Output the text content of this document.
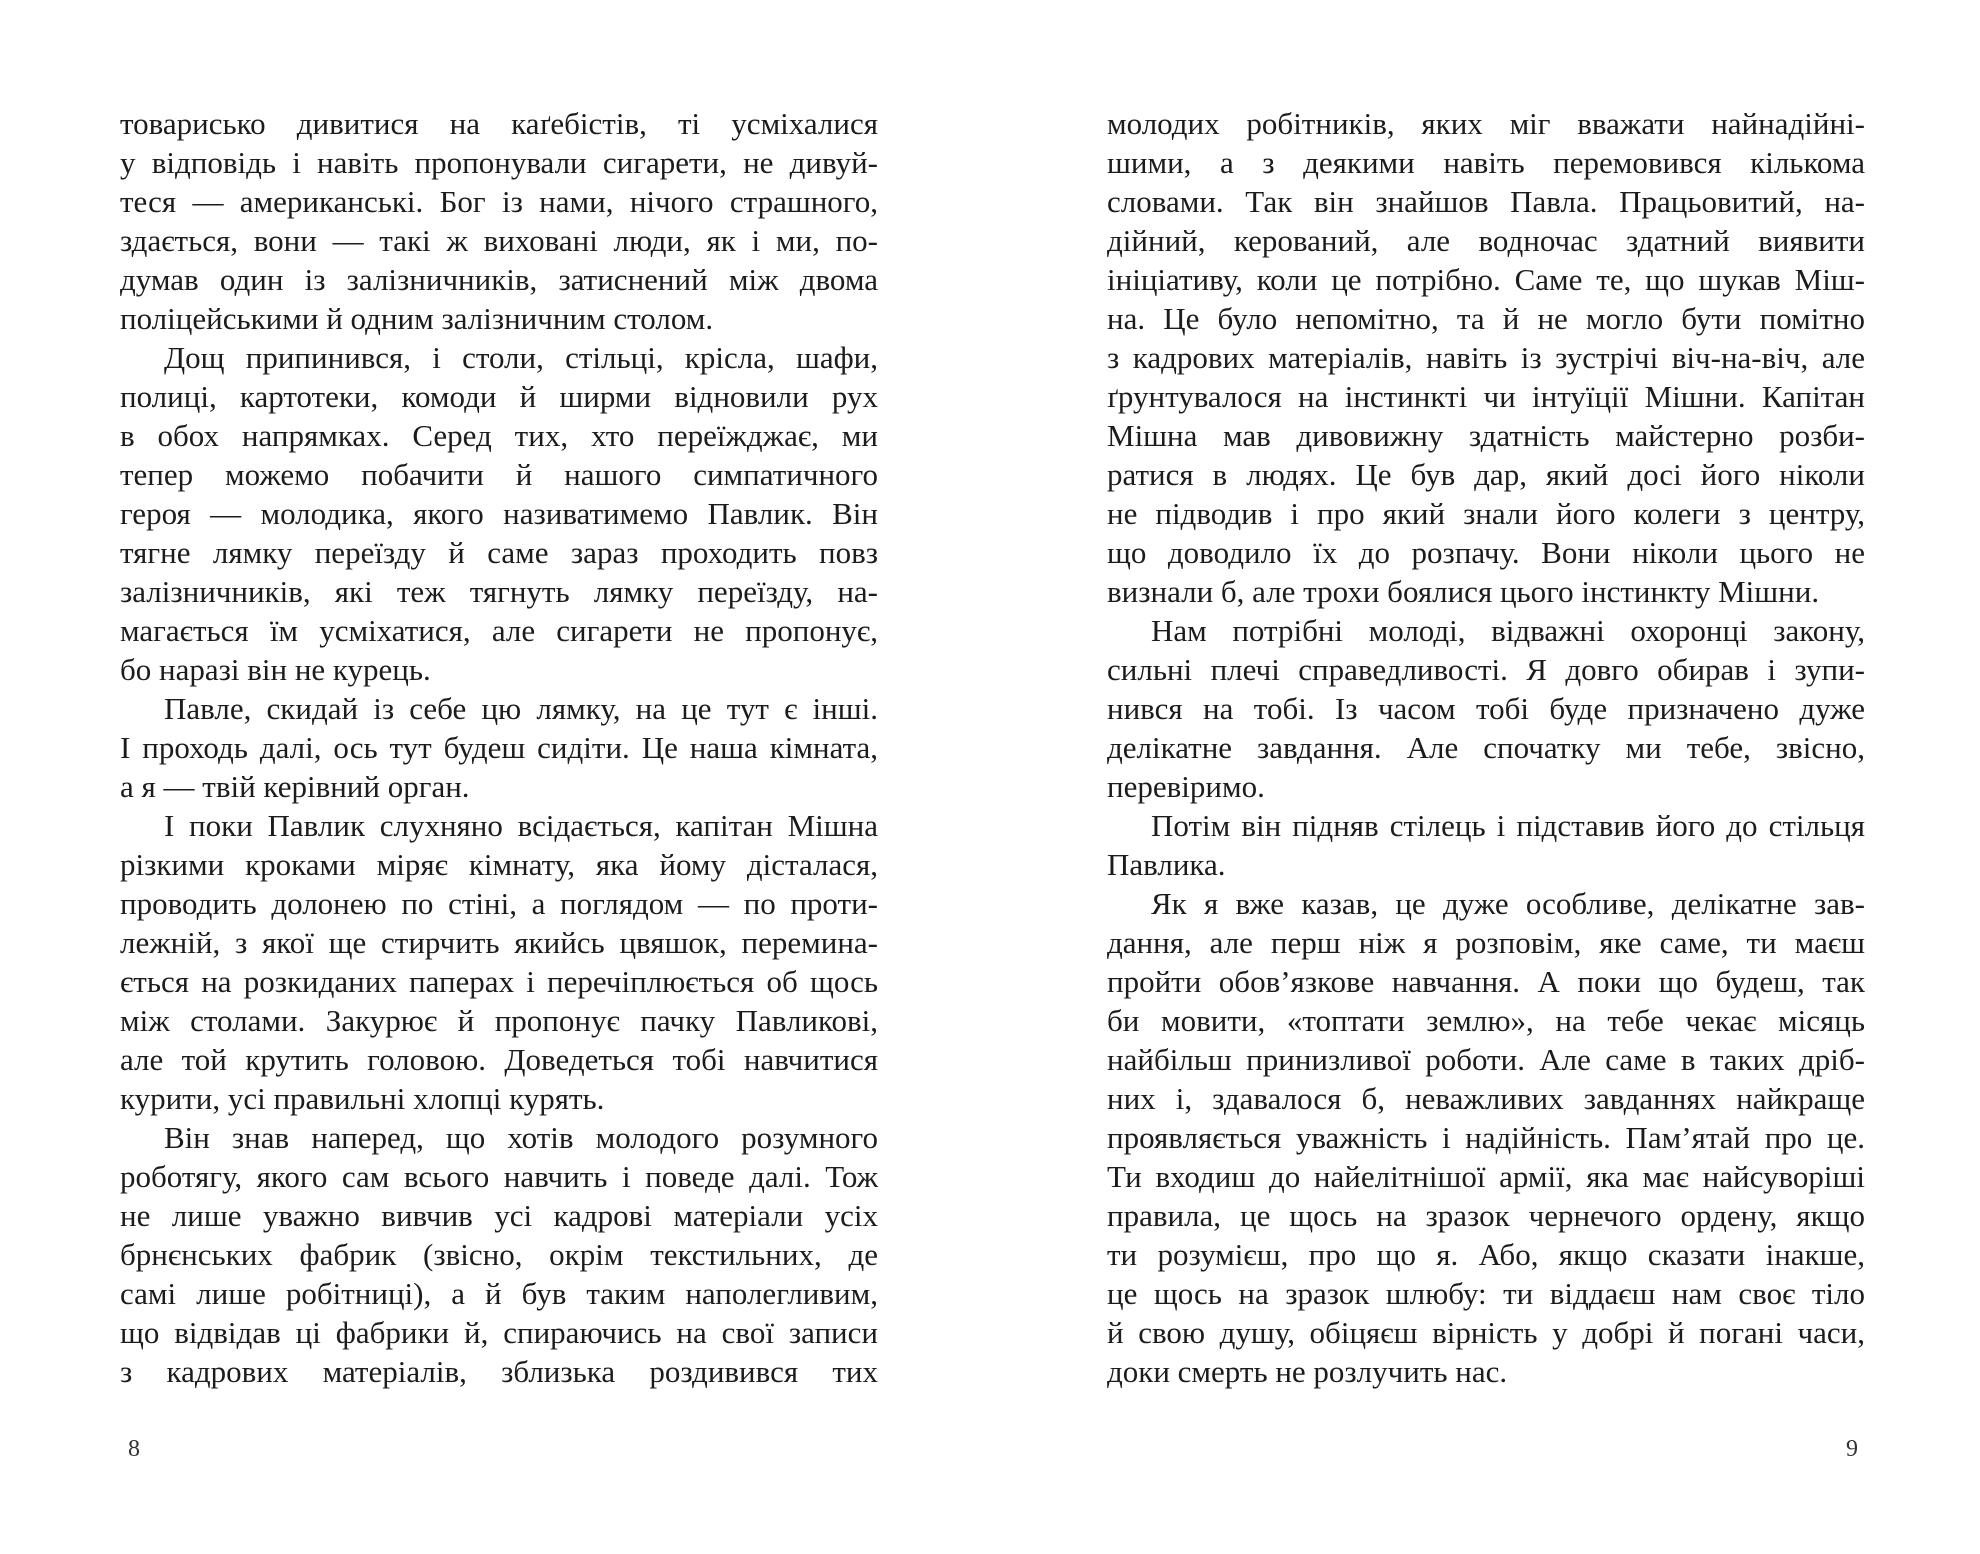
товарисько дивитися на каґебістів, ті усміхалися
у відповідь і навіть пропонували сигарети, не дивуй-
теся — американські. Бог із нами, нічого страшного,
здається, вони — такі ж виховані люди, як і ми, по-
думав один із залізничників, затиснений між двома
поліцейськими й одним залізничним столом.
Дощ припинився, і столи, стільці, крісла, шафи,
полиці, картотеки, комоди й ширми відновили рух
в обох напрямках. Серед тих, хто переїжджає, ми
тепер можемо побачити й нашого симпатичного
героя — молодика, якого називатимемо Павлик. Він
тягне лямку переїзду й саме зараз проходить повз
залізничників, які теж тягнуть лямку переїзду, на-
магається їм усміхатися, але сигарети не пропонує,
бо наразі він не курець.
Павле, скидай із себе цю лямку, на це тут є інші.
І проходь далі, ось тут будеш сидіти. Це наша кімната,
а я — твій керівний орган.
І поки Павлик слухняно всідається, капітан Мішна
різкими кроками міряє кімнату, яка йому дісталася,
проводить долонею по стіні, а поглядом — по проти-
лежній, з якої ще стирчить якийсь цвяшок, перемина-
ється на розкиданих паперах і перечіплюється об щось
між столами. Закурює й пропонує пачку Павликові,
але той крутить головою. Доведеться тобі навчитися
курити, усі правильні хлопці курять.
Він знав наперед, що хотів молодого розумного
роботягу, якого сам всього навчить і поведе далі. Тож
не лише уважно вивчив усі кадрові матеріали усіх
брнєнських фабрик (звісно, окрім текстильних, де
самі лише робітниці), а й був таким наполегливим,
що відвідав ці фабрики й, спираючись на свої записи
з кадрових матеріалів, зблизька роздивився тих
8
молодих робітників, яких міг вважати найнадійні-
шими, а з деякими навіть перемовився кількома
словами. Так він знайшов Павла. Працьовитий, на-
дійний, керований, але водночас здатний виявити
ініціативу, коли це потрібно. Саме те, що шукав Міш-
на. Це було непомітно, та й не могло бути помітно
з кадрових матеріалів, навіть із зустрічі віч-на-віч, але
ґрунтувалося на інстинкті чи інтуїції Мішни. Капітан
Мішна мав дивовижну здатність майстерно розби-
ратися в людях. Це був дар, який досі його ніколи
не підводив і про який знали його колеги з центру,
що доводило їх до розпачу. Вони ніколи цього не
визнали б, але трохи боялися цього інстинкту Мішни.
Нам потрібні молоді, відважні охоронці закону,
сильні плечі справедливості. Я довго обирав і зупи-
нився на тобі. Із часом тобі буде призначено дуже
делікатне завдання. Але спочатку ми тебе, звісно,
перевіримо.
Потім він підняв стілець і підставив його до стільця
Павлика.
Як я вже казав, це дуже особливе, делікатне зав-
дання, але перш ніж я розповім, яке саме, ти маєш
пройти обов’язкове навчання. А поки що будеш, так
би мовити, «топтати землю», на тебе чекає місяць
найбільш принизливої роботи. Але саме в таких дріб-
них і, здавалося б, неважливих завданнях найкраще
проявляється уважність і надійність. Пам’ятай про це.
Ти входиш до найелітнішої армії, яка має найсуворіші
правила, це щось на зразок чернечого ордену, якщо
ти розумієш, про що я. Або, якщо сказати інакше,
це щось на зразок шлюбу: ти віддаєш нам своє тіло
й свою душу, обіцяєш вірність у добрі й погані часи,
доки смерть не розлучить нас.
9
